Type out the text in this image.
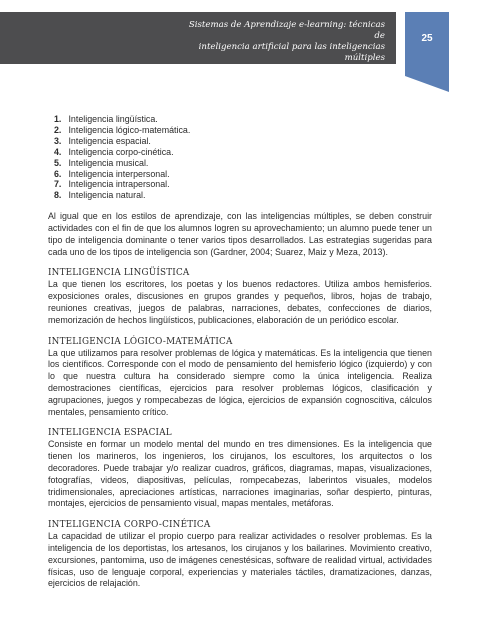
Sistemas de Aprendizaje e-learning: técnicas de
inteligencia artificial para las inteligencias múltiples
25
1. Inteligencia lingüística.
2. Inteligencia lógico-matemática.
3. Inteligencia espacial.
4. Inteligencia corpo-cinética.
5. Inteligencia musical.
6. Inteligencia interpersonal.
7. Inteligencia intrapersonal.
8. Inteligencia natural.

Al igual que en los estilos de aprendizaje, con las inteligencias múltiples, se deben construir actividades con el fin de que los alumnos logren su aprovechamiento; un alumno puede tener un tipo de inteligencia dominante o tener varios tipos desarrollados. Las estrategias sugeridas para cada uno de los tipos de inteligencia son (Gardner, 2004; Suarez, Maiz y Meza, 2013).

INTELIGENCIA LINGÜÍSTICA

La que tienen los escritores, los poetas y los buenos redactores. Utiliza ambos hemisferios. exposiciones orales, discusiones en grupos grandes y pequeños, libros, hojas de trabajo, reuniones creativas, juegos de palabras, narraciones, debates, confecciones de diarios, memorización de hechos lingüísticos, publicaciones, elaboración de un periódico escolar.

INTELIGENCIA LÓGICO-MATEMÁTICA

La que utilizamos para resolver problemas de lógica y matemáticas. Es la inteligencia que tienen los científicos. Corresponde con el modo de pensamiento del hemisferio lógico (izquierdo) y con lo que nuestra cultura ha considerado siempre como la única inteligencia. Realiza demostraciones científicas, ejercicios para resolver problemas lógicos, clasificación y agrupaciones, juegos y rompecabezas de lógica, ejercicios de expansión cognoscitiva, cálculos mentales, pensamiento crítico.

INTELIGENCIA ESPACIAL

Consiste en formar un modelo mental del mundo en tres dimensiones. Es la inteligencia que tienen los marineros, los ingenieros, los cirujanos, los escultores, los arquitectos o los decoradores. Puede trabajar y/o realizar cuadros, gráficos, diagramas, mapas, visualizaciones, fotografías, videos, diapositivas, películas, rompecabezas, laberintos visuales, modelos tridimensionales, apreciaciones artísticas, narraciones imaginarias, soñar despierto, pinturas, montajes, ejercicios de pensamiento visual, mapas mentales, metáforas.

INTELIGENCIA CORPO-CINÉTICA

La capacidad de utilizar el propio cuerpo para realizar actividades o resolver problemas. Es la inteligencia de los deportistas, los artesanos, los cirujanos y los bailarines. Movimiento creativo, excursiones, pantomima, uso de imágenes cenestésicas, software de realidad virtual, actividades físicas, uso de lenguaje corporal, experiencias y materiales táctiles, dramatizaciones, danzas, ejercicios de relajación.
